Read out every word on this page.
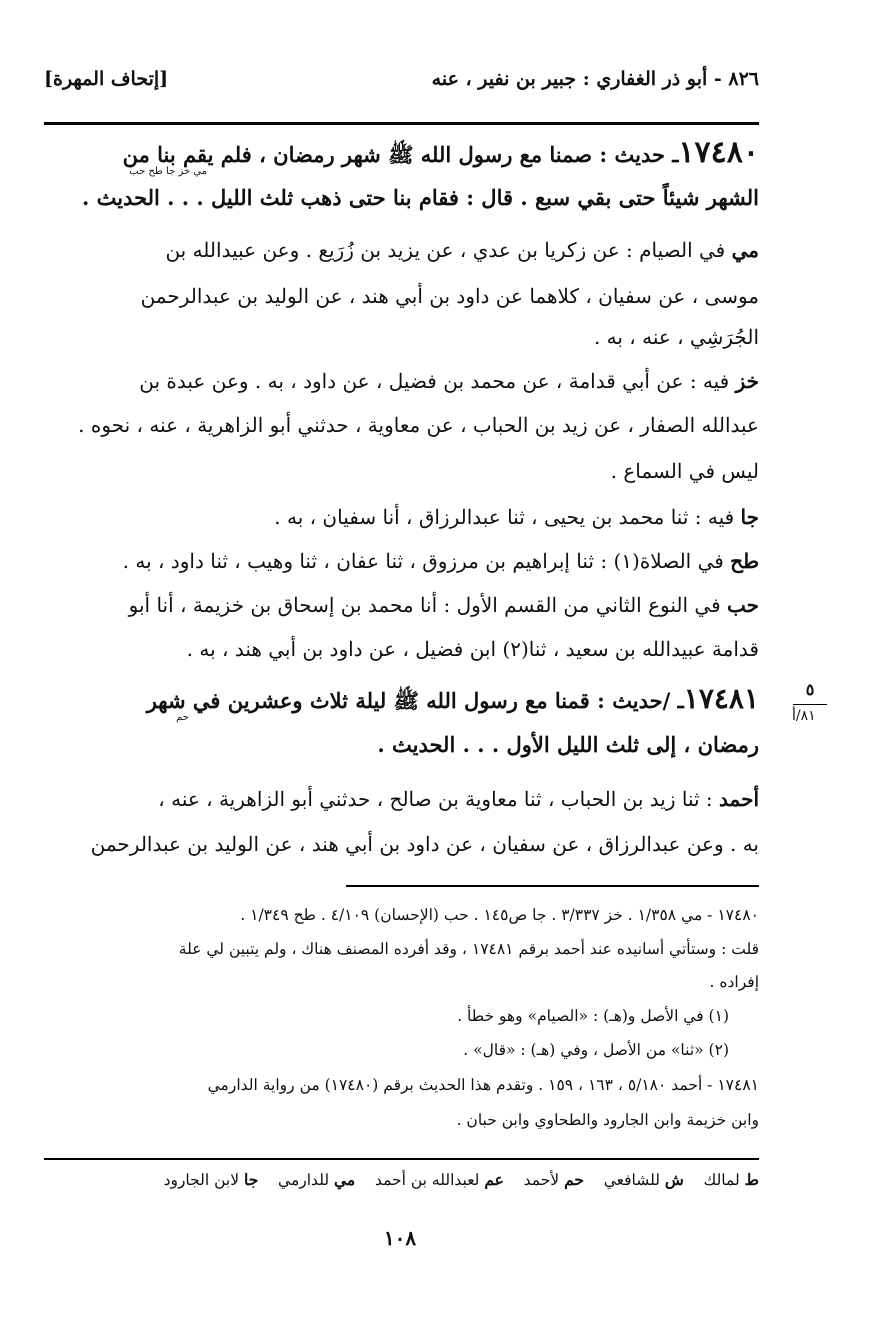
٨٢٦ - أبو ذر الغفاري : جبير بن نفير ، عنه
[إتحاف المهرة]
١٧٤٨٠ـ حديث : صمنا مع رسول الله ﷺ شهر رمضان ، فلم يقم بنا من
مي خز جا طح حب
الشهر شيئاً حتى بقي سبع . قال : فقام بنا حتى ذهب ثلث الليل . . . الحديث .
مي في الصيام : عن زكريا بن عدي ، عن يزيد بن زُرَيع . وعن عبيدالله بن
موسى ، عن سفيان ، كلاهما عن داود بن أبي هند ، عن الوليد بن عبدالرحمن
الجُرَشِي ، عنه ، به .
خز فيه : عن أبي قدامة ، عن محمد بن فضيل ، عن داود ، به . وعن عبدة بن
عبدالله الصفار ، عن زيد بن الحباب ، عن معاوية ، حدثني أبو الزاهرية ، عنه ، نحوه .
ليس في السماع .
جا فيه : ثنا محمد بن يحيى ، ثنا عبدالرزاق ، أنا سفيان ، به .
طح في الصلاة(١) : ثنا إبراهيم بن مرزوق ، ثنا عفان ، ثنا وهيب ، ثنا داود ، به .
حب في النوع الثاني من القسم الأول : أنا محمد بن إسحاق بن خزيمة ، أنا أبو
قدامة عبيدالله بن سعيد ، ثنا(٢) ابن فضيل ، عن داود بن أبي هند ، به .
١٧٤٨١ـ /حديث : قمنا مع رسول الله ﷺ ليلة ثلاث وعشرين في شهر
حم
رمضان ، إلى ثلث الليل الأول . . . الحديث .
أحمد : ثنا زيد بن الحباب ، ثنا معاوية بن صالح ، حدثني أبو الزاهرية ، عنه ،
به . وعن عبدالرزاق ، عن سفيان ، عن داود بن أبي هند ، عن الوليد بن عبدالرحمن
٥
٨١/أ
١٧٤٨٠ - مي ١/٣٥٨ . خز ٣/٣٣٧ . جا ص١٤٥ . حب (الإحسان) ٤/١٠٩ . طح ١/٣٤٩ .
قلت : وستأتي أسانيده عند أحمد برقم ١٧٤٨١ ، وقد أفرده المصنف هناك ، ولم يتبين لي علة
إفراده .
(١) في الأصل و(هـ) : «الصيام» وهو خطأ .
(٢) «ثنا» من الأصل ، وفي (هـ) : «قال» .
١٧٤٨١ - أحمد ٥/١٨٠ ، ١٦٣ ، ١٥٩ . وتقدم هذا الحديث برقم (١٧٤٨٠) من رواية الدارمي
وابن خزيمة وابن الجارود والطحاوي وابن حبان .
ط لمالك    ش للشافعي    حم لأحمد    عم لعبدالله بن أحمد    مي للدارمي    جا لابن الجارود
١٠٨
